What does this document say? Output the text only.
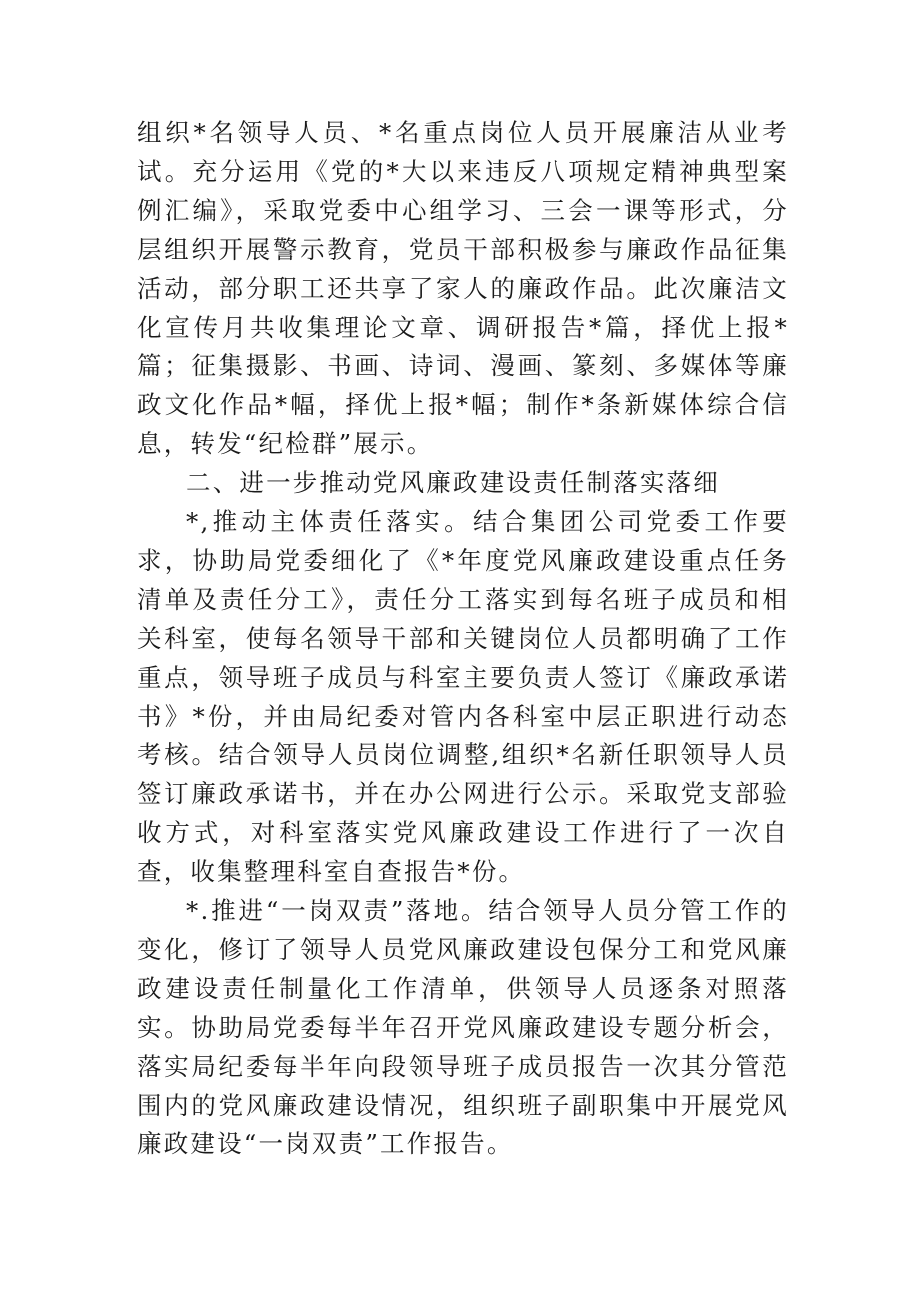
组织*名领导人员、*名重点岗位人员开展廉洁从业考试。充分运用《党的*大以来违反八项规定精神典型案例汇编》，采取党委中心组学习、三会一课等形式，分层组织开展警示教育，党员干部积极参与廉政作品征集活动，部分职工还共享了家人的廉政作品。此次廉洁文化宣传月共收集理论文章、调研报告*篇，择优上报*篇；征集摄影、书画、诗词、漫画、篆刻、多媒体等廉政文化作品*幅，择优上报*幅；制作*条新媒体综合信息，转发“纪检群”展示。

二、进一步推动党风廉政建设责任制落实落细

*,推动主体责任落实。结合集团公司党委工作要求，协助局党委细化了《*年度党风廉政建设重点任务清单及责任分工》，责任分工落实到每名班子成员和相关科室，使每名领导干部和关键岗位人员都明确了工作重点，领导班子成员与科室主要负责人签订《廉政承诺书》*份，并由局纪委对管内各科室中层正职进行动态考核。结合领导人员岗位调整,组织*名新任职领导人员签订廉政承诺书，并在办公网进行公示。采取党支部验收方式，对科室落实党风廉政建设工作进行了一次自查，收集整理科室自查报告*份。

*.推进“一岗双责”落地。结合领导人员分管工作的变化，修订了领导人员党风廉政建设包保分工和党风廉政建设责任制量化工作清单，供领导人员逐条对照落实。协助局党委每半年召开党风廉政建设专题分析会，落实局纪委每半年向段领导班子成员报告一次其分管范围内的党风廉政建设情况，组织班子副职集中开展党风廉政建设“一岗双责”工作报告。
